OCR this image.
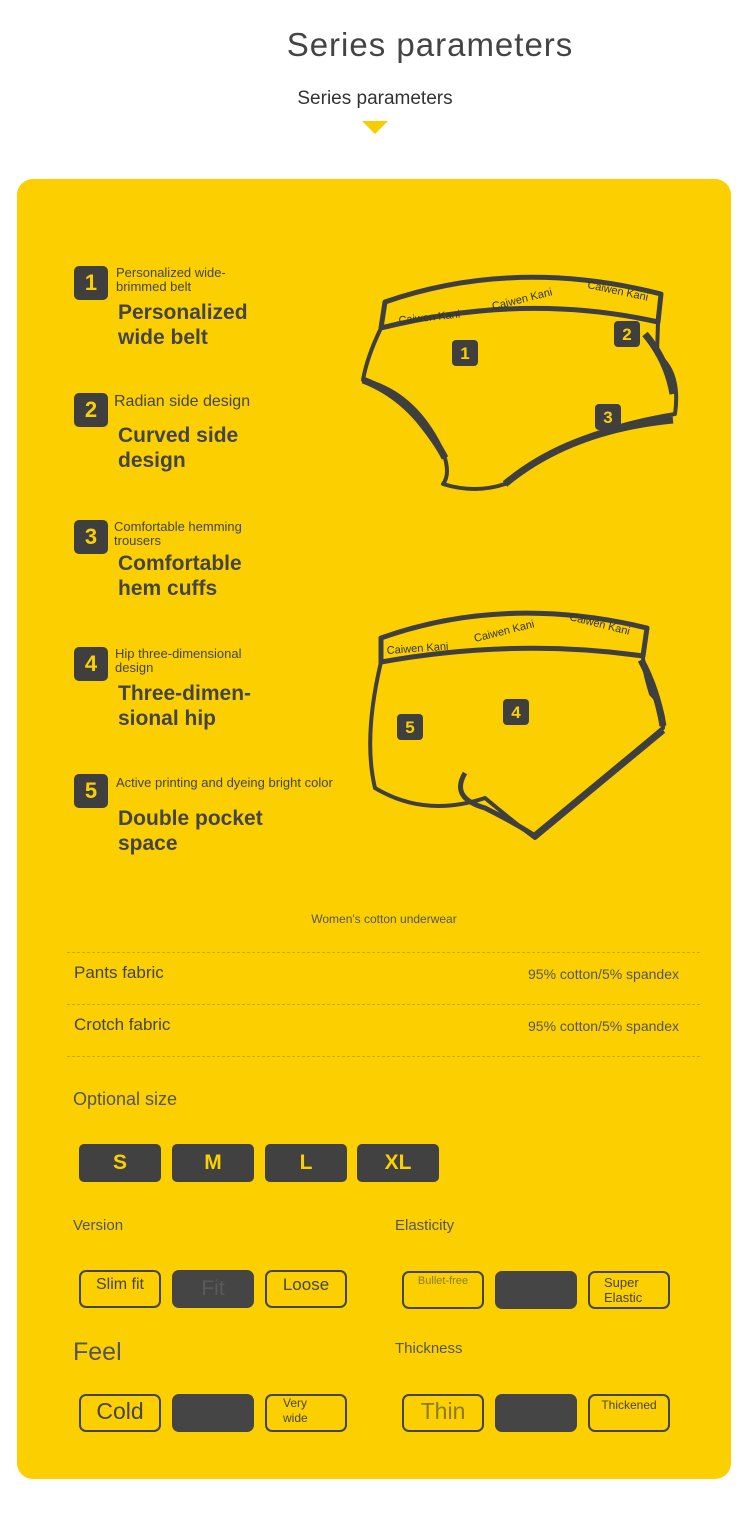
Series parameters
Series parameters
1	Personalized wide-brimmed belt
Personalized wide belt
2	Radian side design
Curved side design
3	Comfortable hemming trousers
Comfortable hem cuffs
4	Hip three-dimensional design
Three-dimen-sional hip
5	Active printing and dyeing bright color
Double pocket space
Caiwen Kani
Caiwen Kani	Caiwen Kani
1
2
3
Caiwen Kani
Caiwen Kani	Caiwen Kani
4
5
Women's cotton underwear
Pants fabric	95% cotton/5% spandex
Crotch fabric	95% cotton/5% spandex
Optional size
S	M	L	XL
Version
Slim fit	Fit	Loose
Elasticity
Bullet-free	Super Elastic
Feel
Cold	Very wide
Thickness
Thin	Thickened
